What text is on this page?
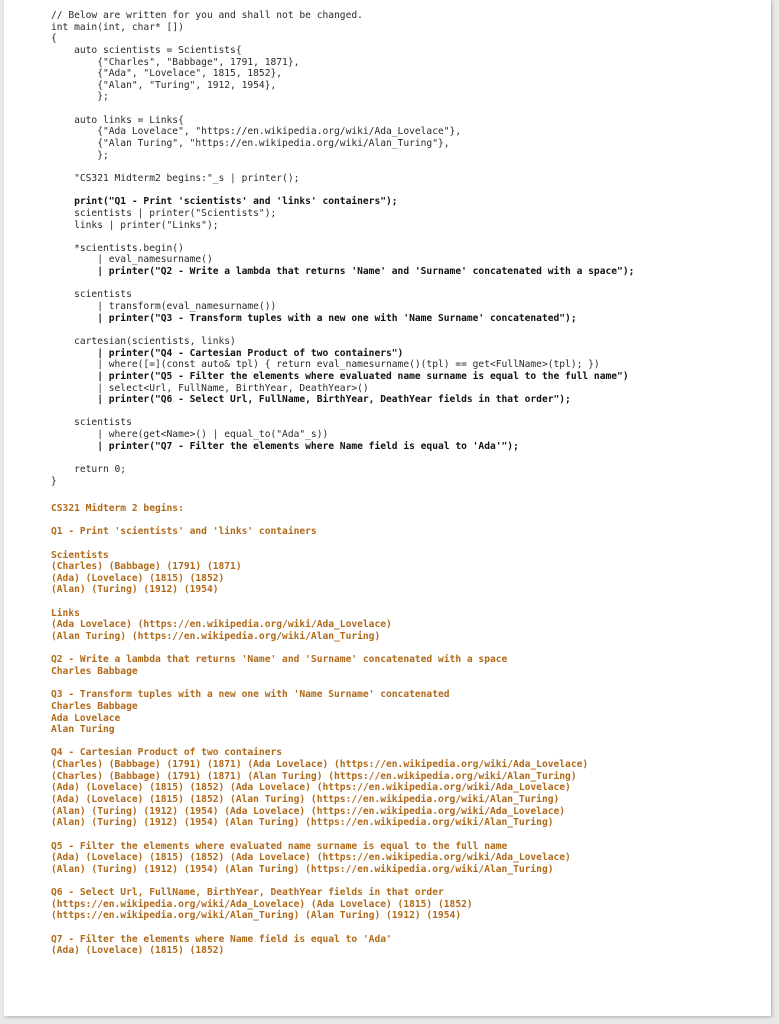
// Below are written for you and shall not be changed.
int main(int, char* [])
{
auto scientists = Scientists{
{"Charles", "Babbage", 1791, 1871},
{"Ada", "Lovelace", 1815, 1852},
{"Alan", "Turing", 1912, 1954},
};
auto links = Links{
{"Ada Lovelace", "https://en.wikipedia.org/wiki/Ada_Lovelace"},
{"Alan Turing", "https://en.wikipedia.org/wiki/Alan_Turing"},
};
"CS321 Midterm2 begins:"_s | printer();
print("Q1 - Print 'scientists' and 'links' containers");
scientists | printer("Scientists");
links | printer("Links");
*scientists.begin()
| eval_namesurname()
| printer("Q2 - Write a lambda that returns 'Name' and 'Surname' concatenated with a space");
scientists
| transform(eval_namesurname())
| printer("Q3 - Transform tuples with a new one with 'Name Surname' concatenated");
cartesian(scientists, links)
| printer("Q4 - Cartesian Product of two containers")
| where([=](const auto& tpl) { return eval_namesurname()(tpl) == get<FullName>(tpl); })
| printer("Q5 - Filter the elements where evaluated name surname is equal to the full name")
| select<Url, FullName, BirthYear, DeathYear>()
| printer("Q6 - Select Url, FullName, BirthYear, DeathYear fields in that order");
scientists
| where(get<Name>() | equal_to("Ada"_s))
| printer("Q7 - Filter the elements where Name field is equal to 'Ada'");
return 0;
}
CS321 Midterm 2 begins:
Q1 - Print 'scientists' and 'links' containers
Scientists
(Charles) (Babbage) (1791) (1871)
(Ada) (Lovelace) (1815) (1852)
(Alan) (Turing) (1912) (1954)
Links
(Ada Lovelace) (https://en.wikipedia.org/wiki/Ada_Lovelace)
(Alan Turing) (https://en.wikipedia.org/wiki/Alan_Turing)
Q2 - Write a lambda that returns 'Name' and 'Surname' concatenated with a space
Charles Babbage
Q3 - Transform tuples with a new one with 'Name Surname' concatenated
Charles Babbage
Ada Lovelace
Alan Turing
Q4 - Cartesian Product of two containers
(Charles) (Babbage) (1791) (1871) (Ada Lovelace) (https://en.wikipedia.org/wiki/Ada_Lovelace)
(Charles) (Babbage) (1791) (1871) (Alan Turing) (https://en.wikipedia.org/wiki/Alan_Turing)
(Ada) (Lovelace) (1815) (1852) (Ada Lovelace) (https://en.wikipedia.org/wiki/Ada_Lovelace)
(Ada) (Lovelace) (1815) (1852) (Alan Turing) (https://en.wikipedia.org/wiki/Alan_Turing)
(Alan) (Turing) (1912) (1954) (Ada Lovelace) (https://en.wikipedia.org/wiki/Ada_Lovelace)
(Alan) (Turing) (1912) (1954) (Alan Turing) (https://en.wikipedia.org/wiki/Alan_Turing)
Q5 - Filter the elements where evaluated name surname is equal to the full name
(Ada) (Lovelace) (1815) (1852) (Ada Lovelace) (https://en.wikipedia.org/wiki/Ada_Lovelace)
(Alan) (Turing) (1912) (1954) (Alan Turing) (https://en.wikipedia.org/wiki/Alan_Turing)
Q6 - Select Url, FullName, BirthYear, DeathYear fields in that order
(https://en.wikipedia.org/wiki/Ada_Lovelace) (Ada Lovelace) (1815) (1852)
(https://en.wikipedia.org/wiki/Alan_Turing) (Alan Turing) (1912) (1954)
Q7 - Filter the elements where Name field is equal to 'Ada'
(Ada) (Lovelace) (1815) (1852)
